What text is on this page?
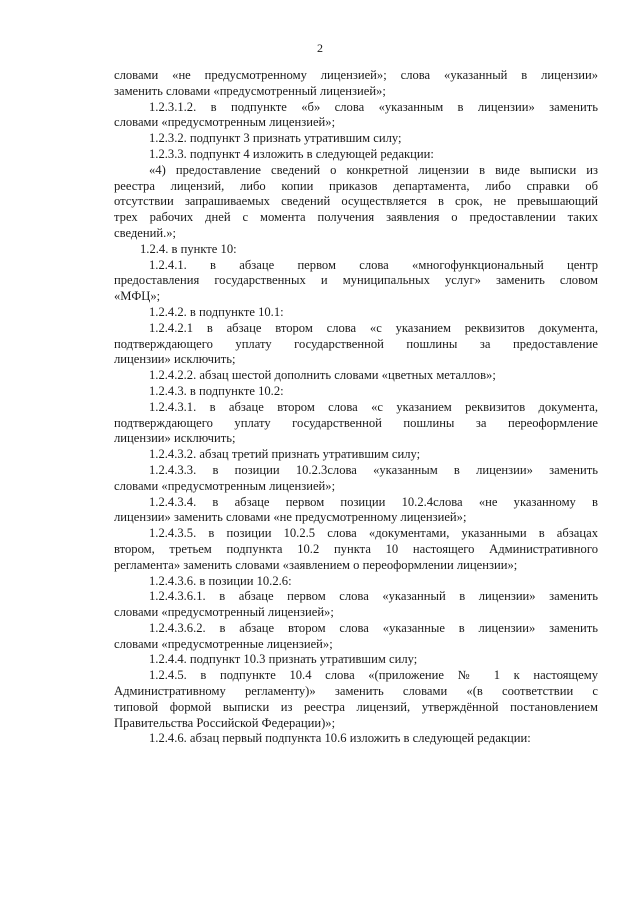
2
словами «не предусмотренному лицензией»; слова «указанный в лицензии»
заменить словами «предусмотренный лицензией»;
1.2.3.1.2. в подпункте «б» слова «указанным в лицензии» заменить
словами «предусмотренным лицензией»;
1.2.3.2. подпункт 3 признать утратившим силу;
1.2.3.3. подпункт 4 изложить в следующей редакции:
«4) предоставление сведений о конкретной лицензии в виде выписки из
реестра лицензий, либо копии приказов департамента, либо справки об
отсутствии запрашиваемых сведений осуществляется в срок, не превышающий
трех рабочих дней с момента получения заявления о предоставлении таких
сведений.»;
1.2.4. в пункте 10:
1.2.4.1. в абзаце первом слова «многофункциональный центр
предоставления государственных и муниципальных услуг» заменить словом
«МФЦ»;
1.2.4.2. в подпункте 10.1:
1.2.4.2.1 в абзаце втором слова «с указанием реквизитов документа,
подтверждающего уплату государственной пошлины за предоставление
лицензии» исключить;
1.2.4.2.2. абзац шестой дополнить словами «цветных металлов»;
1.2.4.3. в подпункте 10.2:
1.2.4.3.1. в абзаце втором слова «с указанием реквизитов документа,
подтверждающего уплату государственной пошлины за переоформление
лицензии» исключить;
1.2.4.3.2. абзац третий признать утратившим силу;
1.2.4.3.3. в позиции 10.2.3слова «указанным в лицензии» заменить
словами «предусмотренным лицензией»;
1.2.4.3.4. в абзаце первом позиции 10.2.4слова «не указанному в
лицензии» заменить словами «не предусмотренному лицензией»;
1.2.4.3.5. в позиции 10.2.5 слова «документами, указанными в абзацах
втором, третьем подпункта 10.2 пункта 10 настоящего Административного
регламента» заменить словами «заявлением о переоформлении лицензии»;
1.2.4.3.6. в позиции 10.2.6:
1.2.4.3.6.1. в абзаце первом слова «указанный в лицензии» заменить
словами «предусмотренный лицензией»;
1.2.4.3.6.2. в абзаце втором слова «указанные в лицензии» заменить
словами «предусмотренные лицензией»;
1.2.4.4. подпункт 10.3 признать утратившим силу;
1.2.4.5. в подпункте 10.4 слова «(приложение № 1 к настоящему
Административному регламенту)» заменить словами «(в соответствии с
типовой формой выписки из реестра лицензий, утверждённой постановлением
Правительства Российской Федерации)»;
1.2.4.6. абзац первый подпункта 10.6 изложить в следующей редакции:
